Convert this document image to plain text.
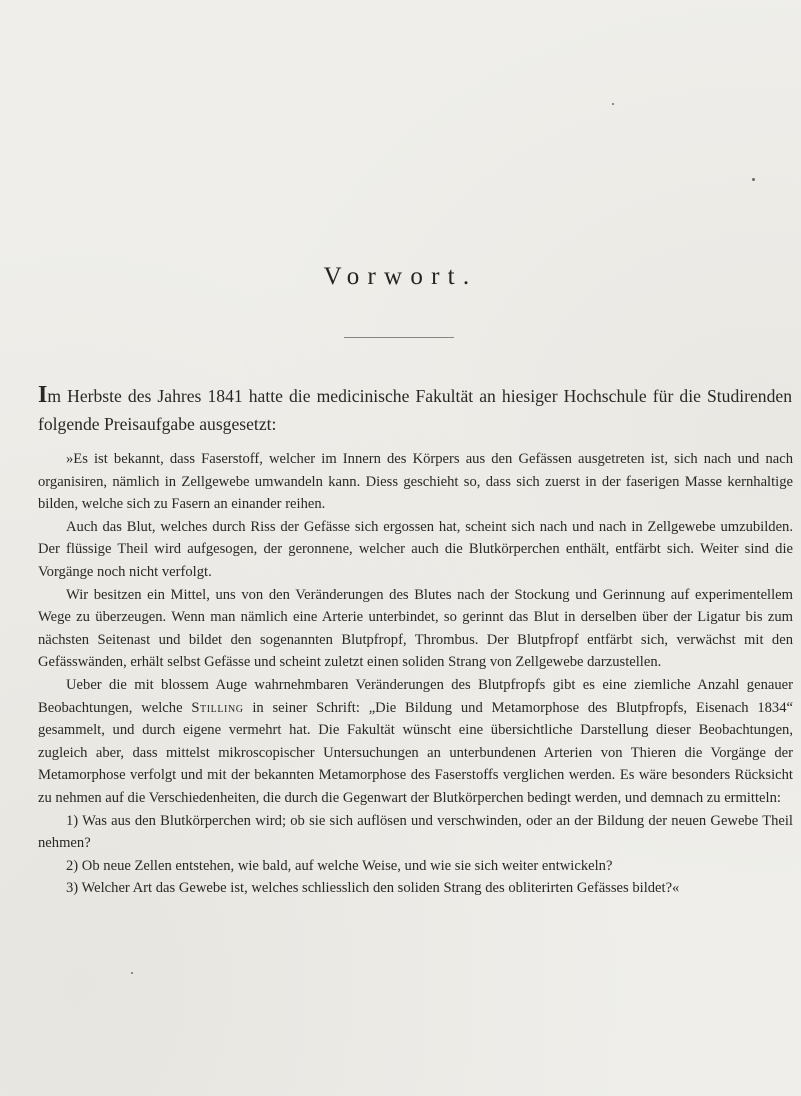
Vorwort.
Im Herbste des Jahres 1841 hatte die medicinische Fakultät an hiesiger Hochschule für die Studirenden folgende Preisaufgabe ausgesetzt:

»Es ist bekannt, dass Faserstoff, welcher im Innern des Körpers aus den Gefässen ausgetreten ist, sich nach und nach organisiren, nämlich in Zellgewebe umwandeln kann. Diess geschieht so, dass sich zuerst in der faserigen Masse kernhaltige bilden, welche sich zu Fasern an einander reihen.

Auch das Blut, welches durch Riss der Gefässe sich ergossen hat, scheint sich nach und nach in Zellgewebe umzubilden. Der flüssige Theil wird aufgesogen, der geronnene, welcher auch die Blutkörperchen enthält, entfärbt sich. Weiter sind die Vorgänge noch nicht verfolgt.

Wir besitzen ein Mittel, uns von den Veränderungen des Blutes nach der Stockung und Gerinnung auf experimentellem Wege zu überzeugen. Wenn man nämlich eine Arterie unterbindet, so gerinnt das Blut in derselben über der Ligatur bis zum nächsten Seitenast und bildet den sogenannten Blutpfropf, Thrombus. Der Blutpfropf entfärbt sich, verwächst mit den Gefässwänden, erhält selbst Gefässe und scheint zuletzt einen soliden Strang von Zellgewebe darzustellen.

Ueber die mit blossem Auge wahrnehmbaren Veränderungen des Blutpfropfs gibt es eine ziemliche Anzahl genauer Beobachtungen, welche Stilling in seiner Schrift: „Die Bildung und Metamorphose des Blutpfropfs, Eisenach 1834“ gesammelt, und durch eigene vermehrt hat. Die Fakultät wünscht eine übersichtliche Darstellung dieser Beobachtungen, zugleich aber, dass mittelst mikroscopischer Untersuchungen an unterbundenen Arterien von Thieren die Vorgänge der Metamorphose verfolgt und mit der bekannten Metamorphose des Faserstoffs verglichen werden. Es wäre besonders Rücksicht zu nehmen auf die Verschiedenheiten, die durch die Gegenwart der Blutkörperchen bedingt werden, und demnach zu ermitteln:

1) Was aus den Blutkörperchen wird; ob sie sich auflösen und verschwinden, oder an der Bildung der neuen Gewebe Theil nehmen?
2) Ob neue Zellen entstehen, wie bald, auf welche Weise, und wie sie sich weiter entwickeln?
3) Welcher Art das Gewebe ist, welches schliesslich den soliden Strang des obliterirten Gefässes bildet?«
